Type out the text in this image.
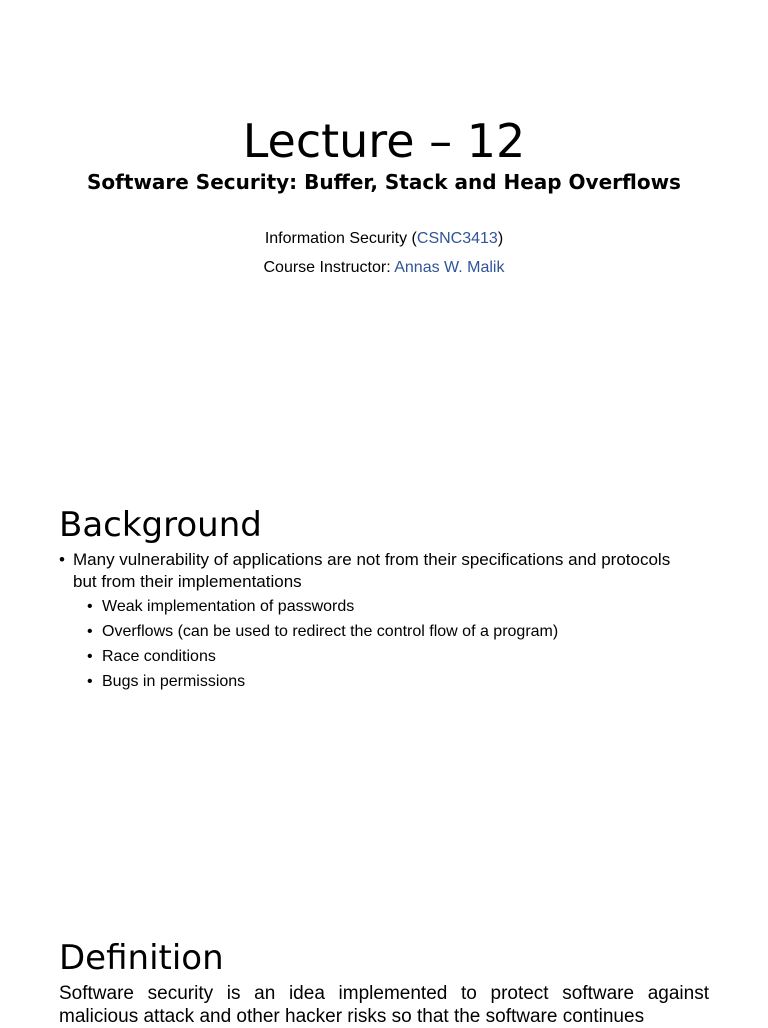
Lecture – 12
Software Security: Buffer, Stack and Heap Overflows
Information Security (CSNC3413)
Course Instructor: Annas W. Malik
Background
• Many vulnerability of applications are not from their specifications and protocols but from their implementations
• Weak implementation of passwords
• Overflows (can be used to redirect the control flow of a program)
• Race conditions
• Bugs in permissions
Definition

Software security is an idea implemented to protect software against malicious attack and other hacker risks so that the software continues
